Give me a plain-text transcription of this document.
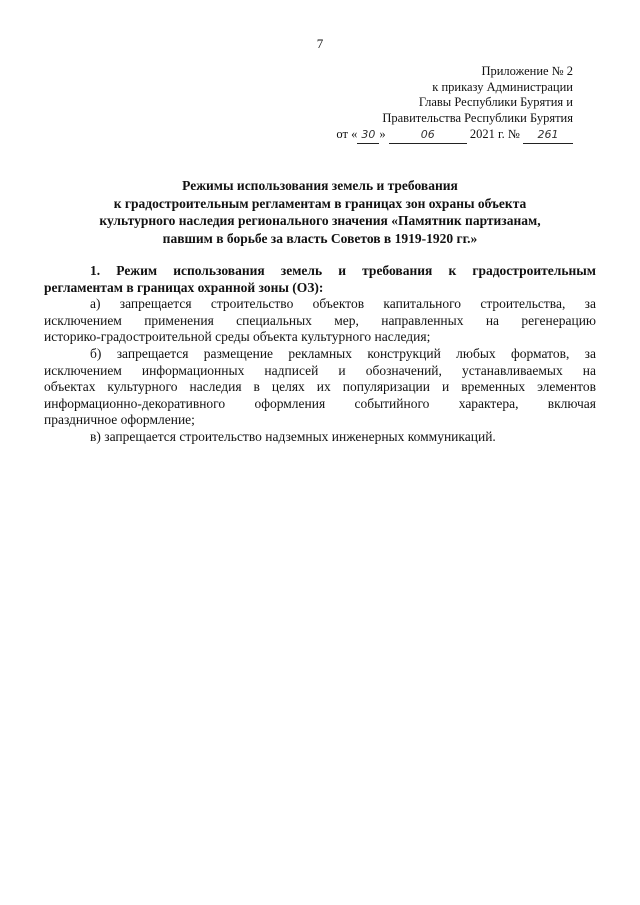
7
Приложение № 2
к приказу Администрации
Главы Республики Бурятия и
Правительства Республики Бурятия
от « 30 »	06	2021 г. № 261
Режимы использования земель и требования
к градостроительным регламентам в границах зон охраны объекта
культурного наследия регионального значения «Памятник партизанам,
павшим в борьбе за власть Советов в 1919-1920 гг.»
1. Режим использования земель и требования к градостроительным
регламентам в границах охранной зоны (ОЗ):
а) запрещается строительство объектов капитального строительства, за
исключением применения специальных мер, направленных на регенерацию
историко-градостроительной среды объекта культурного наследия;
б) запрещается размещение рекламных конструкций любых форматов, за
исключением информационных надписей и обозначений, устанавливаемых на
объектах культурного наследия в целях их популяризации и временных элементов
информационно-декоративного оформления событийного характера, включая
праздничное оформление;
в) запрещается строительство надземных инженерных коммуникаций.
